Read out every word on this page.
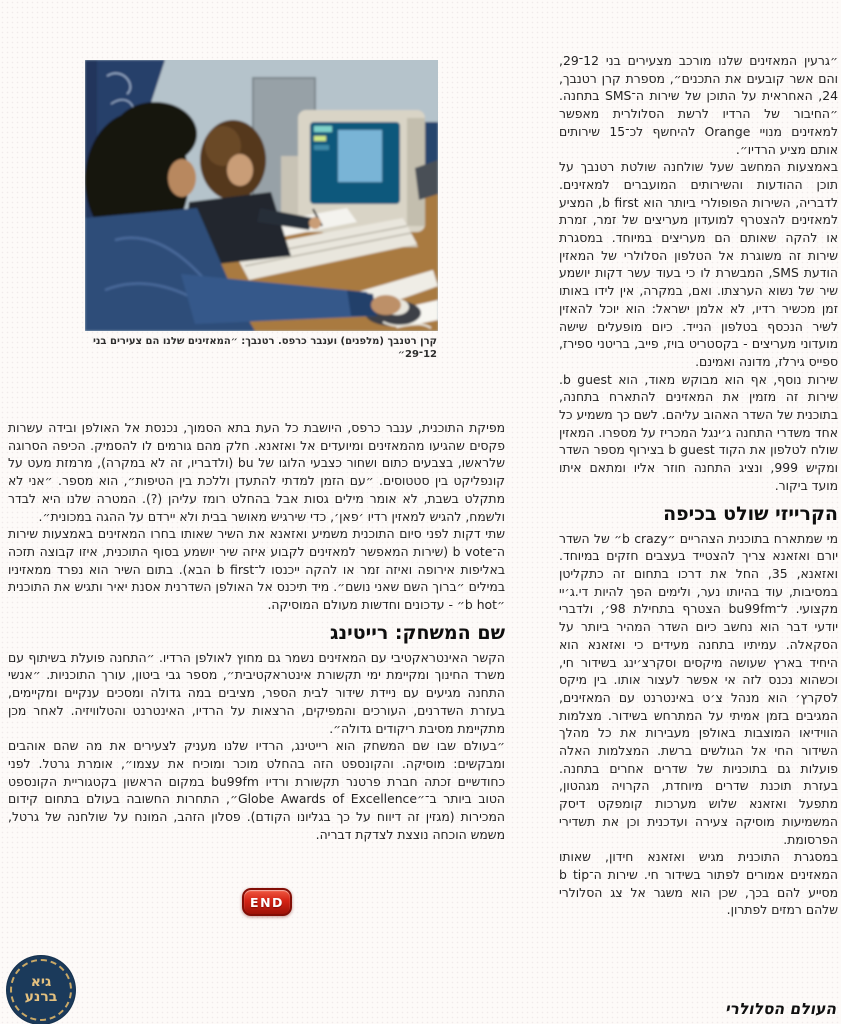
קרן רטנבך (מלפנים) וענבר כרפס. רטנבך: ״המאזינים שלנו הם צעירים בני 12־29״

״גרעין המאזינים שלנו מורכב מצעירים בני 12־29, והם אשר קובעים את התכנים״, מספרת קרן רטנבך, 24, האחראית על התוכן של שירות ה־SMS בתחנה. ״החיבור של הרדיו לרשת הסלולרית מאפשר למאזינים מנויי Orange להיחשף לכ־15 שירותים אותם מציע הרדיו״.

באמצעות המחשב שעל שולחנה שולטת רטנבך על תוכן ההודעות והשירותים המועברים למאזינים. לדבריה, השירות הפופולרי ביותר הוא b first, המציע למאזינים להצטרף למועדון מעריצים של זמר, זמרת או להקה שאותם הם מעריצים במיוחד. במסגרת שירות זה משוגרת אל הטלפון הסלולרי של המאזין הודעת SMS, המבשרת לו כי בעוד עשר דקות יושמע שיר של נשוא הערצתו. ואם, במקרה, אין לידו באותו זמן מכשיר רדיו, לא אלמן ישראל: הוא יוכל להאזין לשיר הנכסף בטלפון הנייד. כיום מופעלים שישה מועדוני מעריצים - בקסטריט בויז, פייב, בריטני ספירז, ספייס גירלז, מדונה ואמינם.

שירות נוסף, אף הוא מבוקש מאוד, הוא b guest. שירות זה מזמין את המאזינים להתארח בתחנה, בתוכנית של השדר האהוב עליהם. לשם כך משמיע כל אחד משדרי התחנה ג׳ינגל המכריז על מספרו. המאזין שולח לטלפון את הקוד b guest בצירוף מספר השדר ומקיש 999, ונציג התחנה חוזר אליו ומתאם איתו מועד ביקור.

הקרייזי שולט בכיפה

מי שמתארח בתוכנית הצהריים ״b crazy״ של השדר יורם ואזאנא צריך להצטייד בעצבים חזקים במיוחד. ואזאנא, 35, החל את דרכו בתחום זה כתקליטן במסיבות, עוד בהיותו נער, ולימים הפך להיות די.ג׳יי מקצועי. ל־bu99fm הצטרף בתחילת 98׳, ולדברי יודעי דבר הוא נחשב כיום השדר המהיר ביותר על הסקאלה. עמיתיו בתחנה מעידים כי ואזאנא הוא היחיד בארץ שעושה מיקסים וסקרצ׳ינג בשידור חי, וכשהוא נכנס לזה אי אפשר לעצור אותו. בין מיקס לסקרץ׳ הוא מנהל צ׳ט באינטרנט עם המאזינים, המגיבים בזמן אמיתי על המתרחש בשידור. מצלמות הווידיאו המוצבות באולפן מעבירות את כל מהלך השידור החי אל הגולשים ברשת. המצלמות האלה פועלות גם בתוכניות של שדרים אחרים בתחנה. בעזרת תוכנת שדרים מיוחדת, הקרויה מגהטון, מתפעל ואזאנא שלוש מערכות קומפקט דיסק המשמיעות מוסיקה צעירה ועדכנית וכן את תשדירי הפרסומת.

במסגרת התוכנית מגיש ואזאנא חידון, שאותו המאזינים אמורים לפתור בשידור חי. שירות ה־b tip מסייע להם בכך, שכן הוא משגר אל צג הסלולרי שלהם רמזים לפתרון.

מפיקת התוכנית, ענבר כרפס, היושבת כל העת בתא הסמוך, נכנסת אל האולפן ובידה עשרות פקסים שהגיעו מהמאזינים ומיועדים אל ואזאנא. חלק מהם גורמים לו להסמיק. הכיפה הסרוגה שלראשו, בצבעים כתום ושחור כצבעי הלוגו של bu (ולדבריו, זה לא במקרה), מרמזת מעט על קונפליקט בין סטטוסים. ״עם הזמן למדתי להתעדן וללכת בין הטיפות״, הוא מספר. ״אני לא מתקלט בשבת, לא אומר מילים גסות אבל בהחלט רומז עליהן (?). המטרה שלנו היא לבדר ולשמח, להגיש למאזין רדיו ׳פאן׳, כדי שירגיש מאושר בבית ולא יירדם על ההגה במכונית״.

שתי דקות לפני סיום התוכנית משמיע ואזאנא את השיר שאותו בחרו המאזינים באמצעות שירות ה־b vote (שירות המאפשר למאזינים לקבוע איזה שיר יושמע בסוף התוכנית, איזו קבוצה תזכה באליפות אירופה ואיזה זמר או להקה ייכנסו ל־b first הבא). בתום השיר הוא נפרד ממאזיניו במילים ״ברוך השם שאני נושם״. מיד תיכנס אל האולפן השדרנית אסנת יאיר ותגיש את התוכנית ״b hot״ - עדכונים וחדשות מעולם המוסיקה.

שם המשחק: רייטינג

הקשר האינטראקטיבי עם המאזינים נשמר גם מחוץ לאולפן הרדיו. ״התחנה פועלת בשיתוף עם משרד החינוך ומקיימת ימי תקשורת אינטראקטיבית״, מספר גבי ביטון, עורך התוכניות. ״אנשי התחנה מגיעים עם ניידת שידור לבית הספר, מציבים במה גדולה ומסכים ענקיים ומקיימים, בעזרת השדרנים, העורכים והמפיקים, הרצאות על הרדיו, האינטרנט והטלוויזיה. לאחר מכן מתקיימת מסיבת ריקודים גדולה״.

״בעולם שבו שם המשחק הוא רייטינג, הרדיו שלנו מעניק לצעירים את מה שהם אוהבים ומבקשים: מוסיקה. והקונספט הזה בהחלט מוכר ומוכיח את עצמו״, אומרת גרטל. לפני כחודשיים זכתה חברת פרטנר תקשורת ורדיו bu99fm במקום הראשון בקטגוריית הקונספט הטוב ביותר ב־״Globe Awards of Excellence״, התחרות החשובה בעולם בתחום קידום המכירות (מגזין זה דיווח על כך בגליונו הקודם). פסלון הזהב, המונח על שולחנה של גרטל, משמש הוכחה נוצצת לצדקת דבריה.

END
גיא
ברנע
העולם הסלולרי
